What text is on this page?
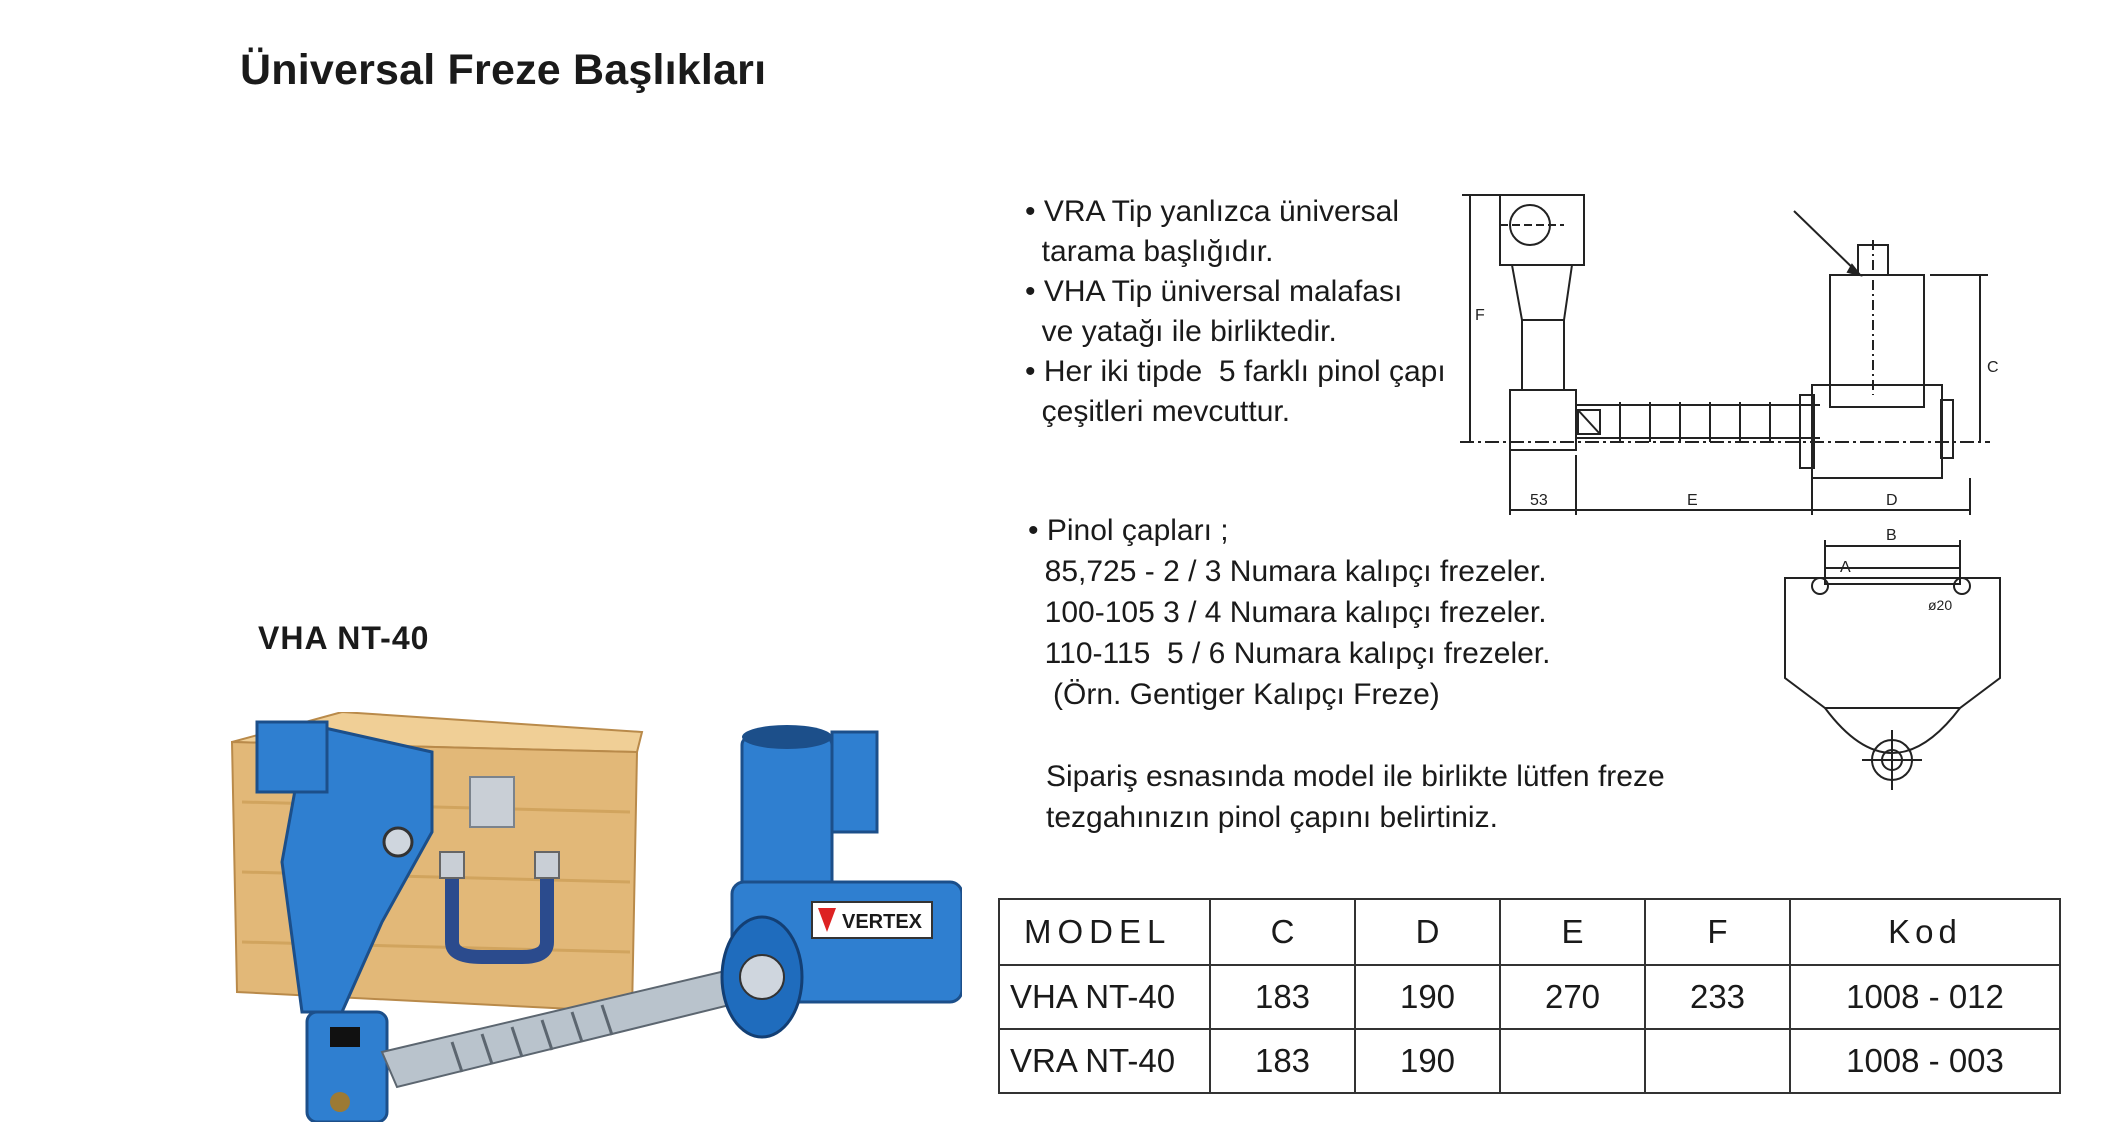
Üniversal Freze Başlıkları
• VRA Tip yanlızca üniversal
tarama başlığıdır.
• VHA Tip üniversal malafası
ve yatağı ile birliktedir.
• Her iki tipde  5 farklı pinol çapı
çeşitleri mevcuttur.
• Pinol çapları ;
85,725 - 2 / 3 Numara kalıpçı frezeler.
100-105 3 / 4 Numara kalıpçı frezeler.
110-115  5 / 6 Numara kalıpçı frezeler.
(Örn. Gentiger Kalıpçı Freze)
Sipariş esnasında model ile birlikte lütfen freze
tezgahınızın pinol çapını belirtiniz.
VHA NT-40
VERTEX
F
C
53	E	D
B
A
ø20
MODEL	C	D	E	F	Kod
VHA NT-40	183	190	270	233	1008 - 012
VRA NT-40	183	190			1008 - 003
